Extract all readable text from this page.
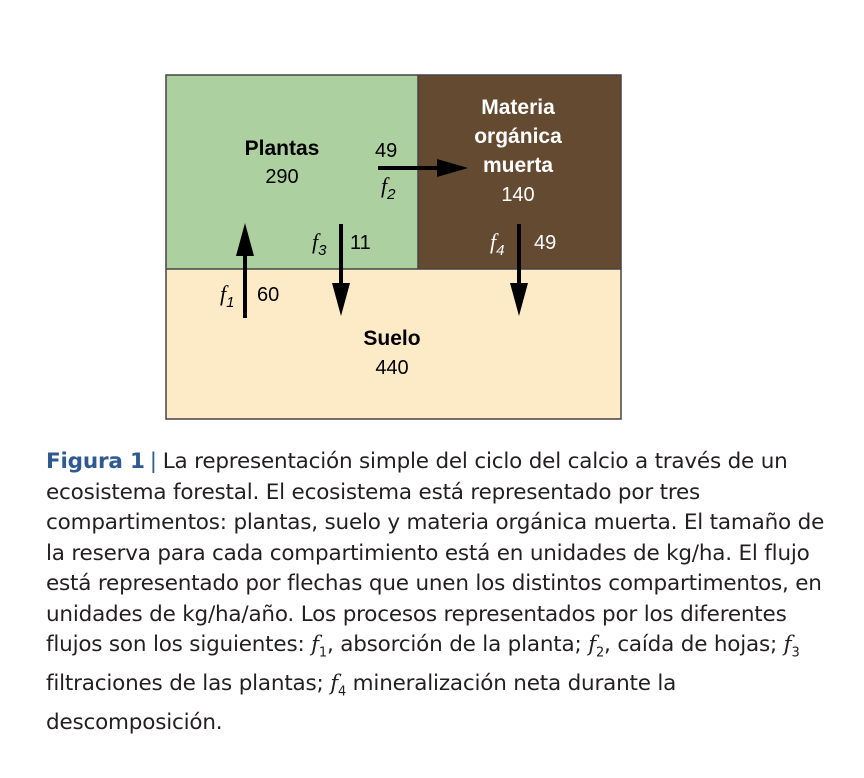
Plantas
290
Materia
orgánica
muerta
140
Suelo
440
$f_1$ 60
49
$f_2$
$f_3$ 11	$f_4$ 49
Figura 1 | La representación simple del ciclo del calcio a través de un ecosistema forestal. El ecosistema está representado por tres compartimentos: plantas, suelo y materia orgánica muerta. El tamaño de la reserva para cada compartimiento está en unidades de kg/ha. El flujo está representado por flechas que unen los distintos compartimentos, en unidades de kg/ha/año. Los procesos representados por los diferentes flujos son los siguientes: $f_1$, absorción de la planta; $f_2$, caída de hojas; $f_3$ filtraciones de las plantas; $f_4$ mineralización neta durante la descomposición.
